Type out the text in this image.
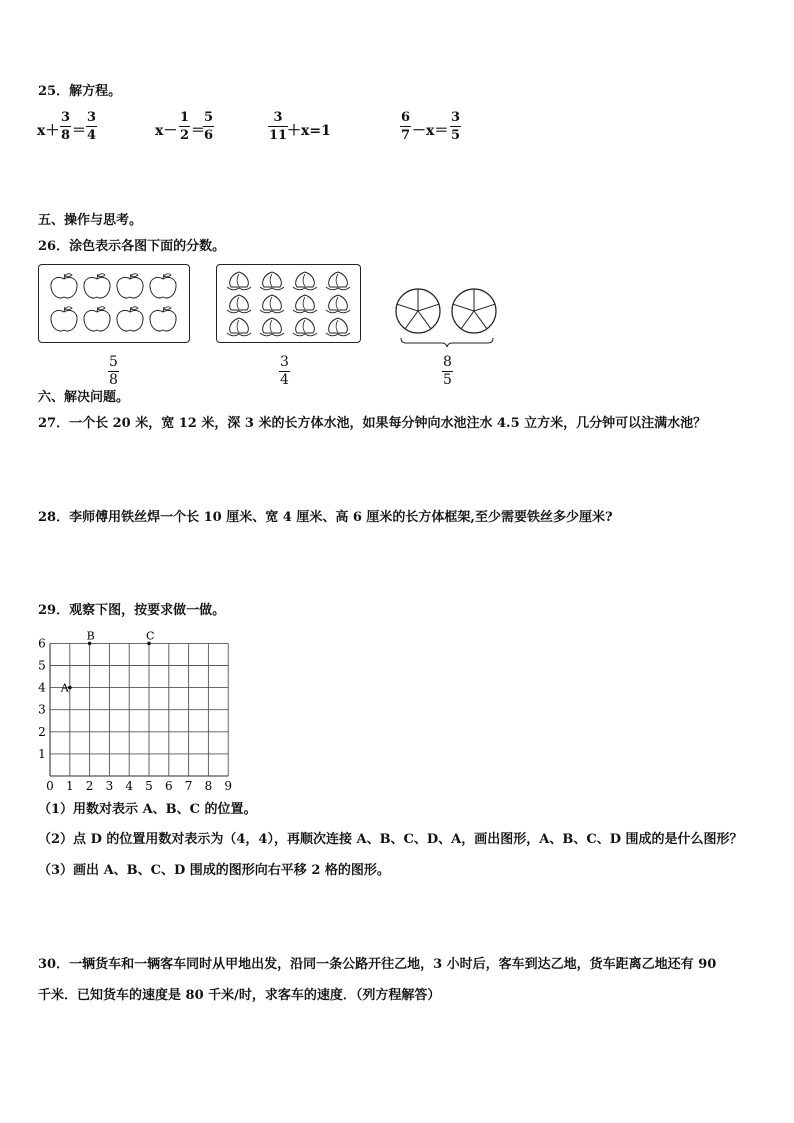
25．解方程。
x＋
3
8 ＝
3
4	x－
1
2 ＝
5
6
3
11 ＋x=1
6
7 －x＝
3
5
五、操作与思考。
26．涂色表示各图下面的分数。
5
8
3
4
8
5
六、解决问题。
27．一个长 20 米，宽 12 米，深 3 米的长方体水池，如果每分钟向水池注水 4.5 立方米，几分钟可以注满水池？
28．李师傅用铁丝焊一个长 10 厘米、宽 4 厘米、高 6 厘米的长方体框架,至少需要铁丝多少厘米?
29．观察下图，按要求做一做。
0 1 2 3 4 5 6 7 8 9
1
2
3
4
5
6
A
B	C
（1）用数对表示 A、B、C 的位置。
（2）点 D 的位置用数对表示为（4，4），再顺次连接 A、B、C、D、A，画出图形，A、B、C、D 围成的是什么图形？
（3）画出 A、B、C、D 围成的图形向右平移 2 格的图形。
30．一辆货车和一辆客车同时从甲地出发，沿同一条公路开往乙地，3 小时后，客车到达乙地，货车距离乙地还有 90
千米．已知货车的速度是 80 千米/时，求客车的速度．（列方程解答）
